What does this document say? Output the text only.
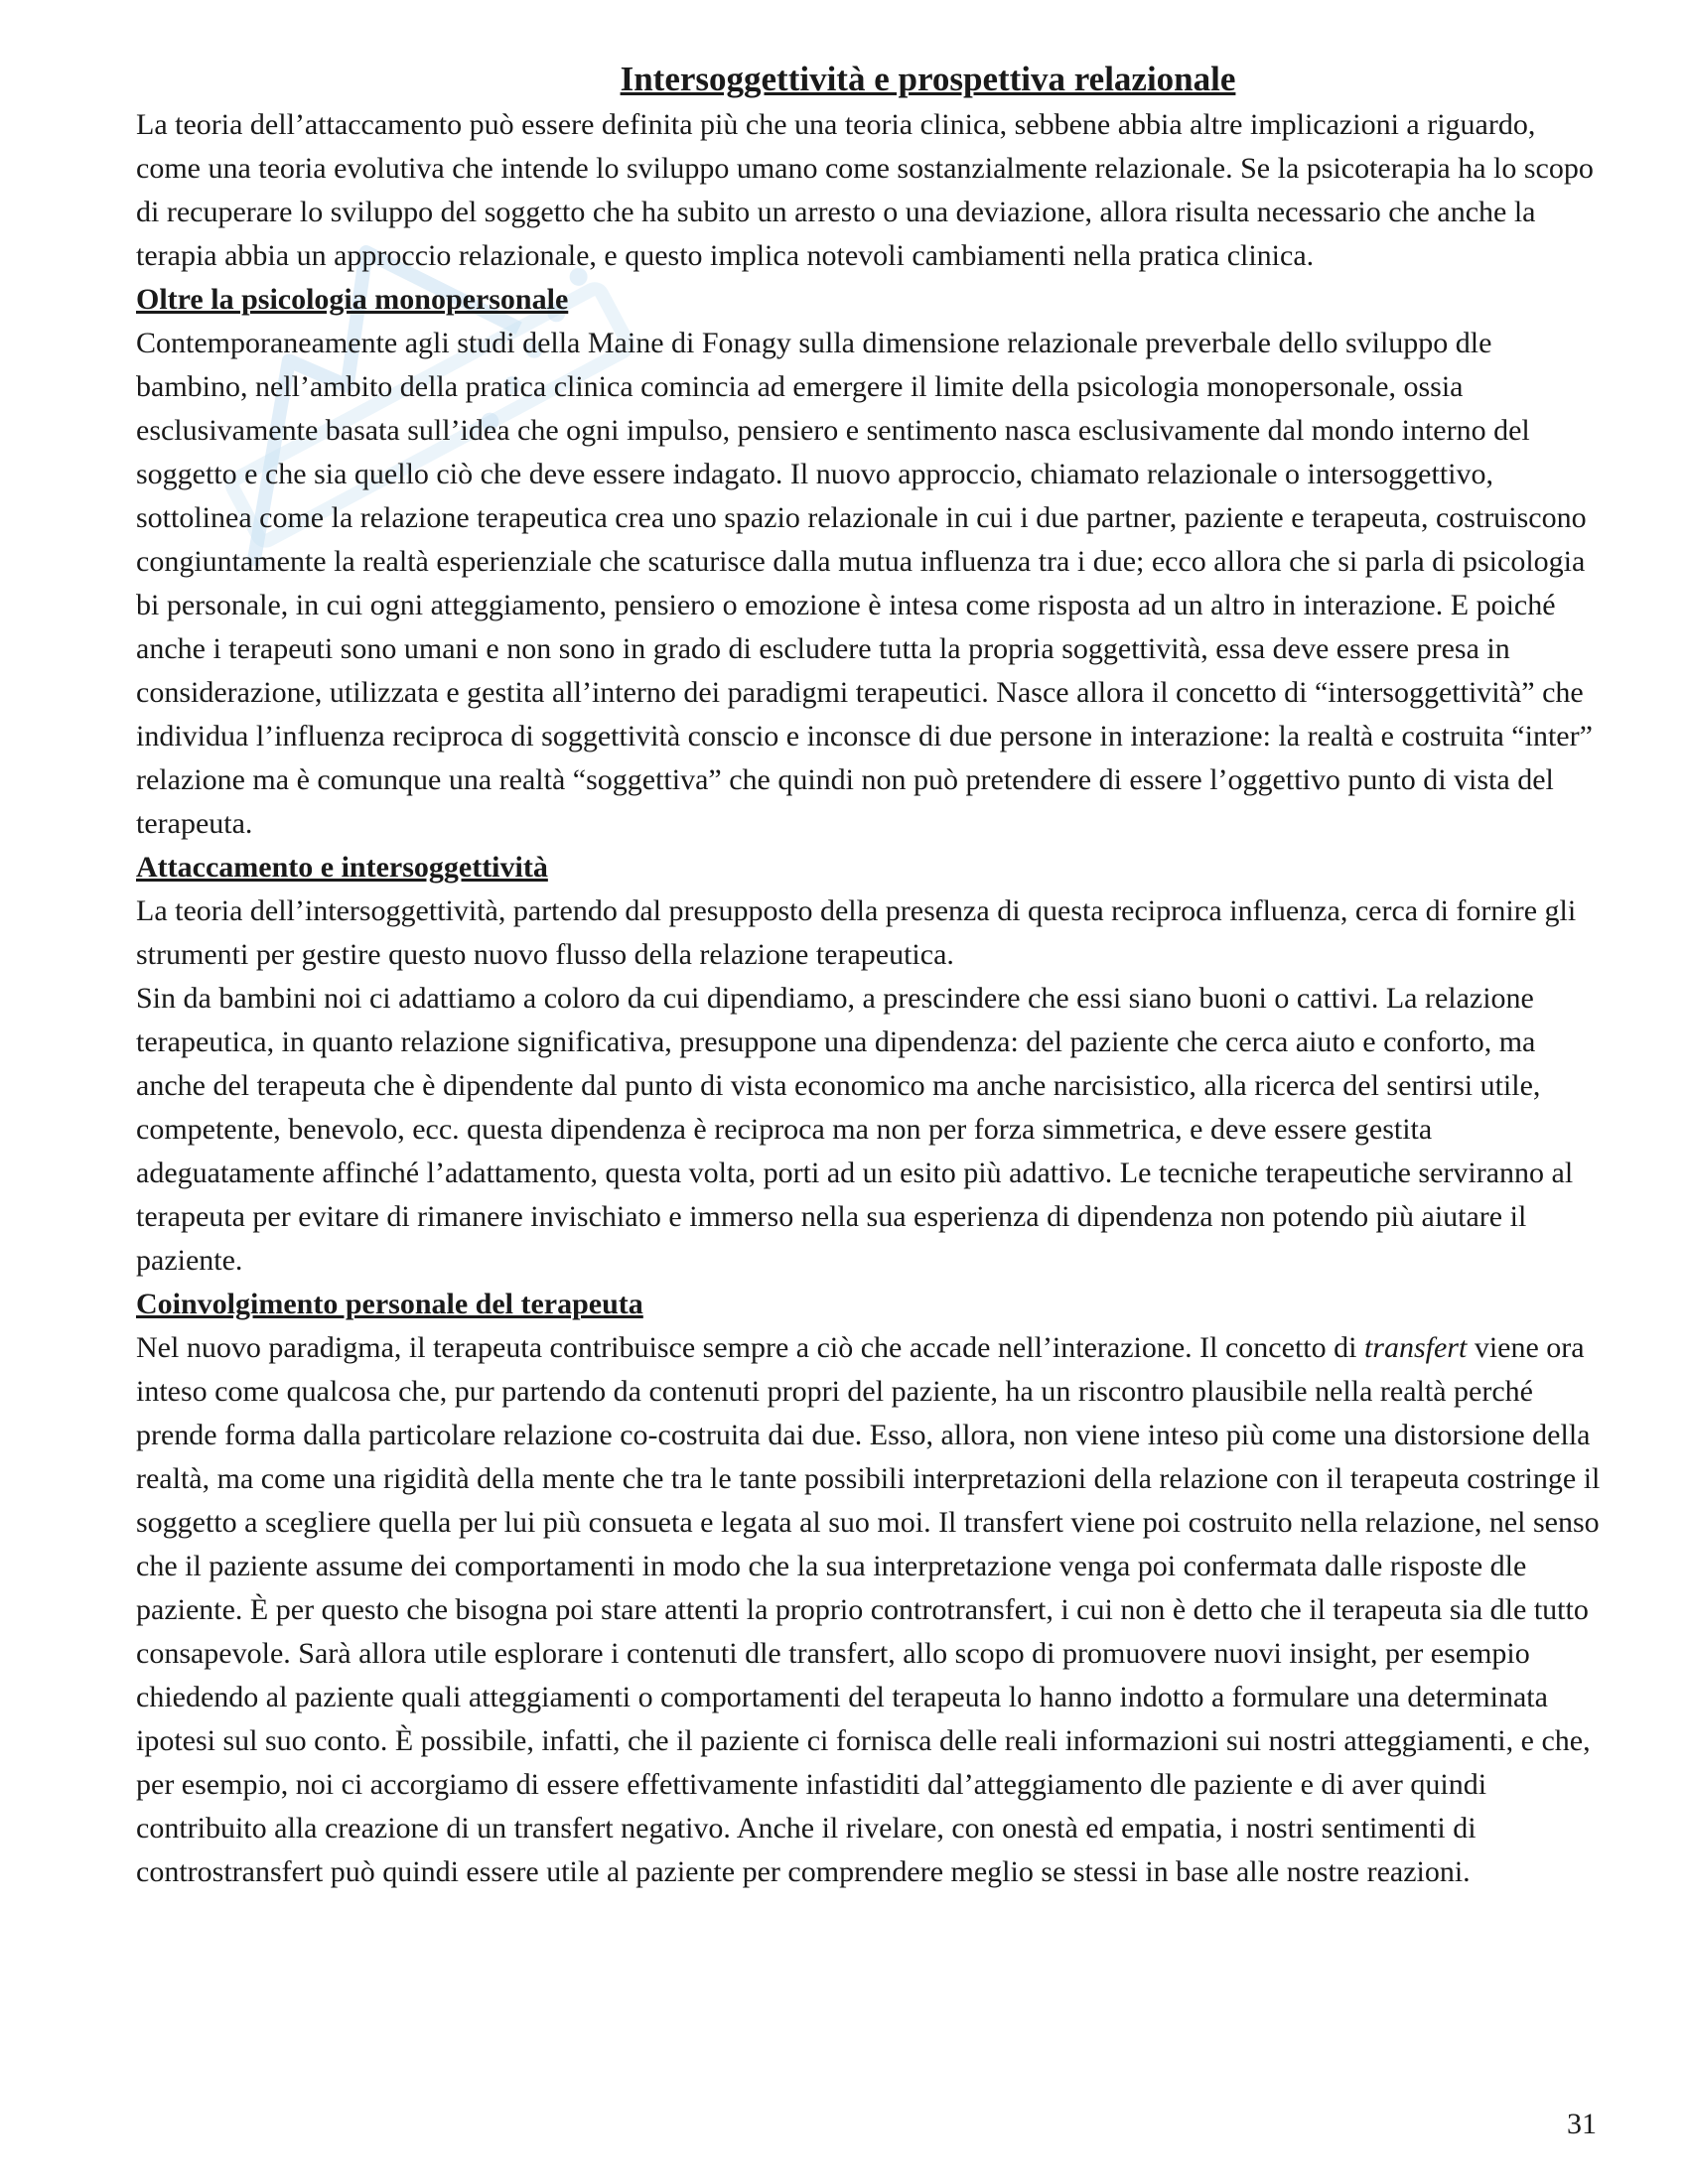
Intersoggettività e prospettiva relazionale

La teoria dell’attaccamento può essere definita più che una teoria clinica, sebbene abbia altre implicazioni a riguardo, come una teoria evolutiva che intende lo sviluppo umano come sostanzialmente relazionale. Se la psicoterapia ha lo scopo di recuperare lo sviluppo del soggetto che ha subito un arresto o una deviazione, allora risulta necessario che anche la terapia abbia un approccio relazionale, e questo implica notevoli cambiamenti nella pratica clinica.

Oltre la psicologia monopersonale

Contemporaneamente agli studi della Maine di Fonagy sulla dimensione relazionale preverbale dello sviluppo dle bambino, nell’ambito della pratica clinica comincia ad emergere il limite della psicologia monopersonale, ossia esclusivamente basata sull’idea che ogni impulso, pensiero e sentimento nasca esclusivamente dal mondo interno del soggetto e che sia quello ciò che deve essere indagato. Il nuovo approccio, chiamato relazionale o intersoggettivo, sottolinea come la relazione terapeutica crea uno spazio relazionale in cui i due partner, paziente e terapeuta, costruiscono congiuntamente la realtà esperienziale che scaturisce dalla mutua influenza tra i due; ecco allora che si parla di psicologia bi personale, in cui ogni atteggiamento, pensiero o emozione è intesa come risposta ad un altro in interazione. E poiché anche i terapeuti sono umani e non sono in grado di escludere tutta la propria soggettività, essa deve essere presa in considerazione, utilizzata e gestita all’interno dei paradigmi terapeutici. Nasce allora il concetto di “intersoggettività” che individua l’influenza reciproca di soggettività conscio e inconsce di due persone in interazione: la realtà e costruita “inter” relazione ma è comunque una realtà “soggettiva” che quindi non può pretendere di essere l’oggettivo punto di vista del terapeuta.

Attaccamento e intersoggettività

La teoria dell’intersoggettività, partendo dal presupposto della presenza di questa reciproca influenza, cerca di fornire gli strumenti per gestire questo nuovo flusso della relazione terapeutica.

Sin da bambini noi ci adattiamo a coloro da cui dipendiamo, a prescindere che essi siano buoni o cattivi. La relazione terapeutica, in quanto relazione significativa, presuppone una dipendenza: del paziente che cerca aiuto e conforto, ma anche del terapeuta che è dipendente dal punto di vista economico ma anche narcisistico, alla ricerca del sentirsi utile, competente, benevolo, ecc. questa dipendenza è reciproca ma non per forza simmetrica, e deve essere gestita adeguatamente affinché l’adattamento, questa volta, porti ad un esito più adattivo. Le tecniche terapeutiche serviranno al terapeuta per evitare di rimanere invischiato e immerso nella sua esperienza di dipendenza non potendo più aiutare il paziente.

Coinvolgimento personale del terapeuta

Nel nuovo paradigma, il terapeuta contribuisce sempre a ciò che accade nell’interazione. Il concetto di transfert viene ora inteso come qualcosa che, pur partendo da contenuti propri del paziente, ha un riscontro plausibile nella realtà perché prende forma dalla particolare relazione co-costruita dai due. Esso, allora, non viene inteso più come una distorsione della realtà, ma come una rigidità della mente che tra le tante possibili interpretazioni della relazione con il terapeuta costringe il soggetto a scegliere quella per lui più consueta e legata al suo moi. Il transfert viene poi costruito nella relazione, nel senso che il paziente assume dei comportamenti in modo che la sua interpretazione venga poi confermata dalle risposte dle paziente. È per questo che bisogna poi stare attenti la proprio controtransfert, i cui non è detto che il terapeuta sia dle tutto consapevole. Sarà allora utile esplorare i contenuti dle transfert, allo scopo di promuovere nuovi insight, per esempio chiedendo al paziente quali atteggiamenti o comportamenti del terapeuta lo hanno indotto a formulare una determinata ipotesi sul suo conto. È possibile, infatti, che il paziente ci fornisca delle reali informazioni sui nostri atteggiamenti, e che, per esempio, noi ci accorgiamo di essere effettivamente infastiditi dal’atteggiamento dle paziente e di aver quindi contribuito alla creazione di un transfert negativo. Anche il rivelare, con onestà ed empatia, i nostri sentimenti di controstransfert può quindi essere utile al paziente per comprendere meglio se stessi in base alle nostre reazioni.

31
